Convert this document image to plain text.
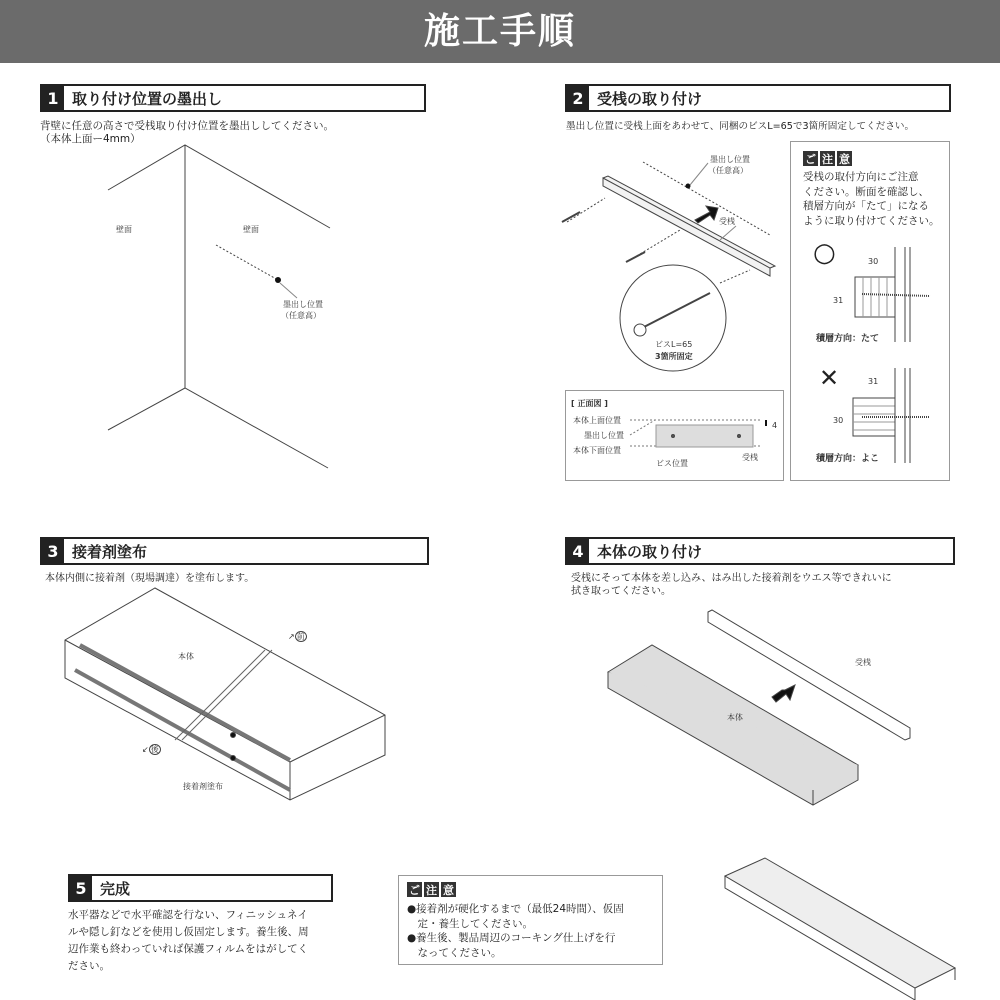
施工手順
1 取り付け位置の墨出し
背壁に任意の高さで受桟取り付け位置を墨出ししてください。
（本体上面ー4mm）
壁面	壁面
墨出し位置
（任意高）
2 受桟の取り付け
墨出し位置に受桟上面をあわせて、同梱のビスL=65で3箇所固定してください。
墨出し位置
（任意高）
受桟
ビスL=65
3箇所固定
[ 正面図 ]
本体上面位置
墨出し位置
本体下面位置
ビス位置
受桟
4
ご 注 意
受桟の取付方向にご注意
ください。断面を確認し、
積層方向が「たて」になる
ように取り付けてください。
○	30
31
積層方向：たて
✕	31
30
積層方向：よこ
3 接着剤塗布
本体内側に接着剤（現場調達）を塗布します。
本体
↗ 前
↙ 後
接着剤塗布
4 本体の取り付け
受桟にそって本体を差し込み、はみ出した接着剤をウエス等できれいに
拭き取ってください。
本体
受桟
5 完成
水平器などで水平確認を行ない、フィニッシュネイ
ルや隠し釘などを使用し仮固定します。養生後、周
辺作業も終わっていれば保護フィルムをはがしてく
ださい。
ご 注 意
●接着剤が硬化するまで（最低24時間）、仮固
　定・養生してください。
●養生後、製品周辺のコーキング仕上げを行
　なってください。
